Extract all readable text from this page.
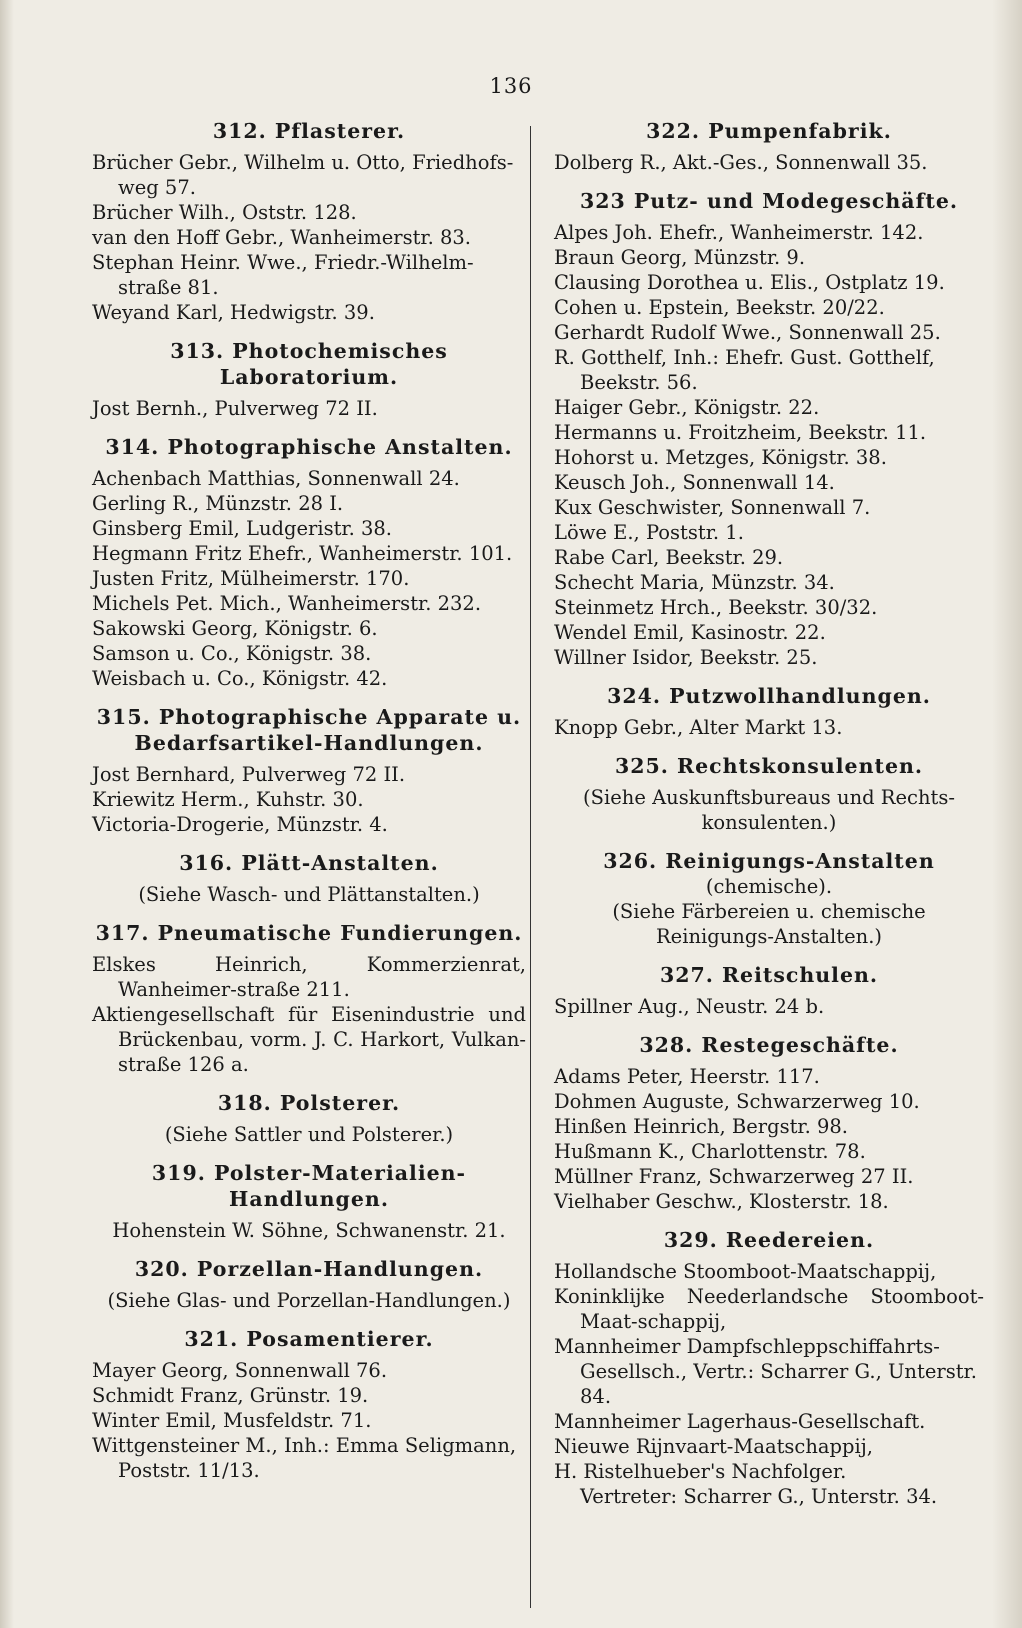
136
312. Pflasterer.
Brücher Gebr., Wilhelm u. Otto, Friedhofs-weg 57.
Brücher Wilh., Oststr. 128.
van den Hoff Gebr., Wanheimerstr. 83.
Stephan Heinr. Wwe., Friedr.-Wilhelm-straße 81.
Weyand Karl, Hedwigstr. 39.
313. Photochemisches Laboratorium.
Jost Bernh., Pulverweg 72 II.
314. Photographische Anstalten.
Achenbach Matthias, Sonnenwall 24.
Gerling R., Münzstr. 28 I.
Ginsberg Emil, Ludgeristr. 38.
Hegmann Fritz Ehefr., Wanheimerstr. 101.
Justen Fritz, Mülheimerstr. 170.
Michels Pet. Mich., Wanheimerstr. 232.
Sakowski Georg, Königstr. 6.
Samson u. Co., Königstr. 38.
Weisbach u. Co., Königstr. 42.
315. Photographische Apparate u. Bedarfsartikel-Handlungen.
Jost Bernhard, Pulverweg 72 II.
Kriewitz Herm., Kuhstr. 30.
Victoria-Drogerie, Münzstr. 4.
316. Plätt-Anstalten.
(Siehe Wasch- und Plättanstalten.)
317. Pneumatische Fundierungen.
Elskes Heinrich, Kommerzienrat, Wanheimer-straße 211.
Aktiengesellschaft für Eisenindustrie und Brückenbau, vorm. J. C. Harkort, Vulkan-straße 126 a.
318. Polsterer.
(Siehe Sattler und Polsterer.)
319. Polster-Materialien-Handlungen.
Hohenstein W. Söhne, Schwanenstr. 21.
320. Porzellan-Handlungen.
(Siehe Glas- und Porzellan-Handlungen.)
321. Posamentierer.
Mayer Georg, Sonnenwall 76.
Schmidt Franz, Grünstr. 19.
Winter Emil, Musfeldstr. 71.
Wittgensteiner M., Inh.: Emma Seligmann, Poststr. 11/13.
322. Pumpenfabrik.
Dolberg R., Akt.-Ges., Sonnenwall 35.
323 Putz- und Modegeschäfte.
Alpes Joh. Ehefr., Wanheimerstr. 142.
Braun Georg, Münzstr. 9.
Clausing Dorothea u. Elis., Ostplatz 19.
Cohen u. Epstein, Beekstr. 20/22.
Gerhardt Rudolf Wwe., Sonnenwall 25.
R. Gotthelf, Inh.: Ehefr. Gust. Gotthelf, Beekstr. 56.
Haiger Gebr., Königstr. 22.
Hermanns u. Froitzheim, Beekstr. 11.
Hohorst u. Metzges, Königstr. 38.
Keusch Joh., Sonnenwall 14.
Kux Geschwister, Sonnenwall 7.
Löwe E., Poststr. 1.
Rabe Carl, Beekstr. 29.
Schecht Maria, Münzstr. 34.
Steinmetz Hrch., Beekstr. 30/32.
Wendel Emil, Kasinostr. 22.
Willner Isidor, Beekstr. 25.
324. Putzwollhandlungen.
Knopp Gebr., Alter Markt 13.
325. Rechtskonsulenten.
(Siehe Auskunftsbureaus und Rechts-konsulenten.)
326. Reinigungs-Anstalten
(chemische).
(Siehe Färbereien u. chemische Reinigungs-Anstalten.)
327. Reitschulen.
Spillner Aug., Neustr. 24 b.
328. Restegeschäfte.
Adams Peter, Heerstr. 117.
Dohmen Auguste, Schwarzerweg 10.
Hinßen Heinrich, Bergstr. 98.
Hußmann K., Charlottenstr. 78.
Müllner Franz, Schwarzerweg 27 II.
Vielhaber Geschw., Klosterstr. 18.
329. Reedereien.
Hollandsche Stoomboot-Maatschappij,
Koninklijke Neederlandsche Stoomboot-Maat-schappij,
Mannheimer Dampfschleppschiffahrts-Gesellsch., Vertr.: Scharrer G., Unterstr. 84.
Mannheimer Lagerhaus-Gesellschaft.
Nieuwe Rijnvaart-Maatschappij,
H. Ristelhueber's Nachfolger.
Vertreter: Scharrer G., Unterstr. 34.
